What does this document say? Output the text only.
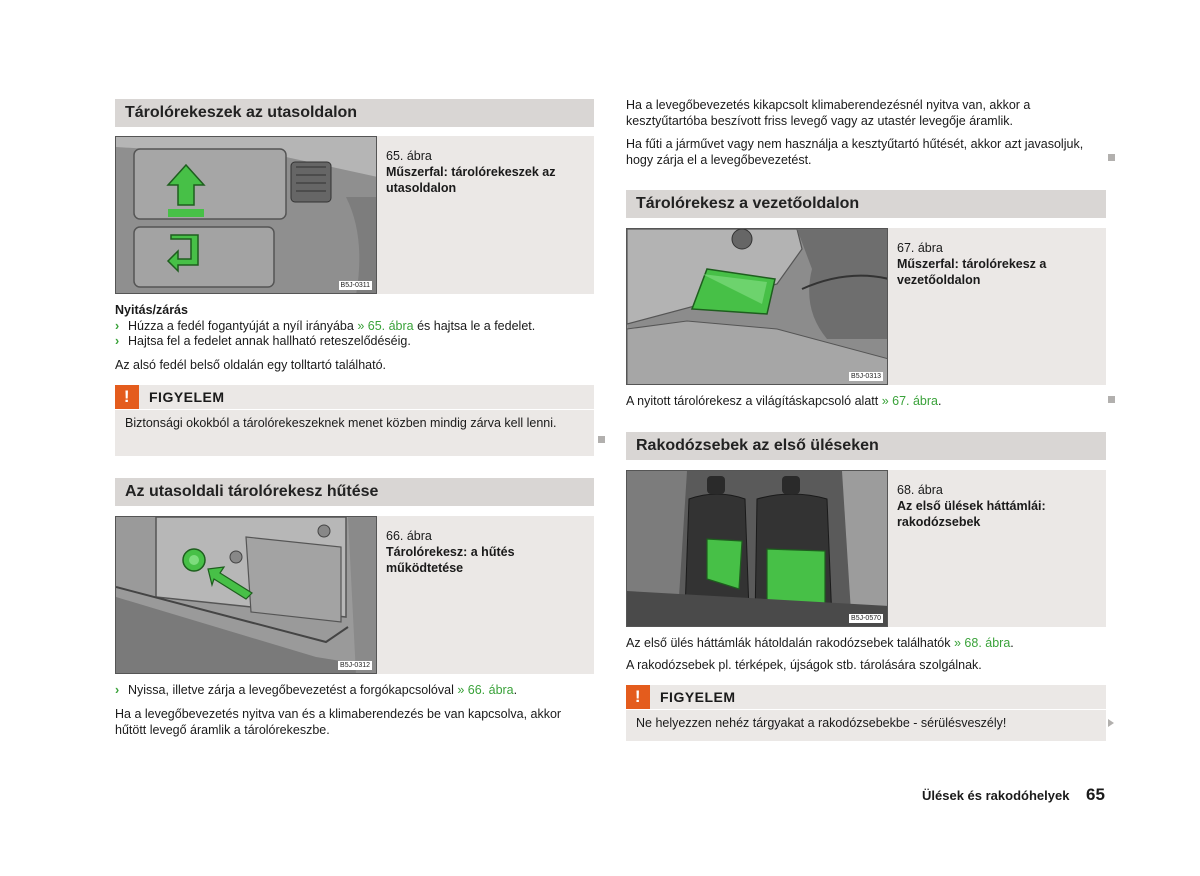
Tárolórekeszek az utasoldalon
B5J-0311
65. ábra
Műszerfal: tárolórekeszek az utasoldalon
Nyitás/zárás
› Húzza a fedél fogantyúját a nyíl irányába » 65. ábra és hajtsa le a fedelet.
› Hajtsa fel a fedelet annak hallható reteszelődéséig.
Az alsó fedél belső oldalán egy tolltartó található.
!	FIGYELEM
Biztonsági okokból a tárolórekeszeknek menet közben mindig zárva kell lenni.
Az utasoldali tárolórekesz hűtése
B5J-0312
66. ábra
Tárolórekesz: a hűtés működtetése
› Nyissa, illetve zárja a levegőbevezetést a forgókapcsolóval » 66. ábra.
Ha a levegőbevezetés nyitva van és a klimaberendezés be van kapcsolva, akkor hűtött levegő áramlik a tárolórekeszbe.
Ha a levegőbevezetés kikapcsolt klimaberendezésnél nyitva van, akkor a kesztyűtartóba beszívott friss levegő vagy az utastér levegője áramlik.
Ha fűti a járművet vagy nem használja a kesztyűtartó hűtését, akkor azt javasoljuk, hogy zárja el a levegőbevezetést.
Tárolórekesz a vezetőoldalon
B5J-0313
67. ábra
Műszerfal: tárolórekesz a vezetőoldalon
A nyitott tárolórekesz a világításkapcsoló alatt » 67. ábra.
Rakodózsebek az első üléseken
B5J-0570
68. ábra
Az első ülések háttámlái: rakodózsebek
Az első ülés háttámlák hátoldalán rakodózsebek találhatók » 68. ábra.
A rakodózsebek pl. térképek, újságok stb. tárolására szolgálnak.
!	FIGYELEM
Ne helyezzen nehéz tárgyakat a rakodózsebekbe - sérülésveszély!
Ülések és rakodóhelyek 65
